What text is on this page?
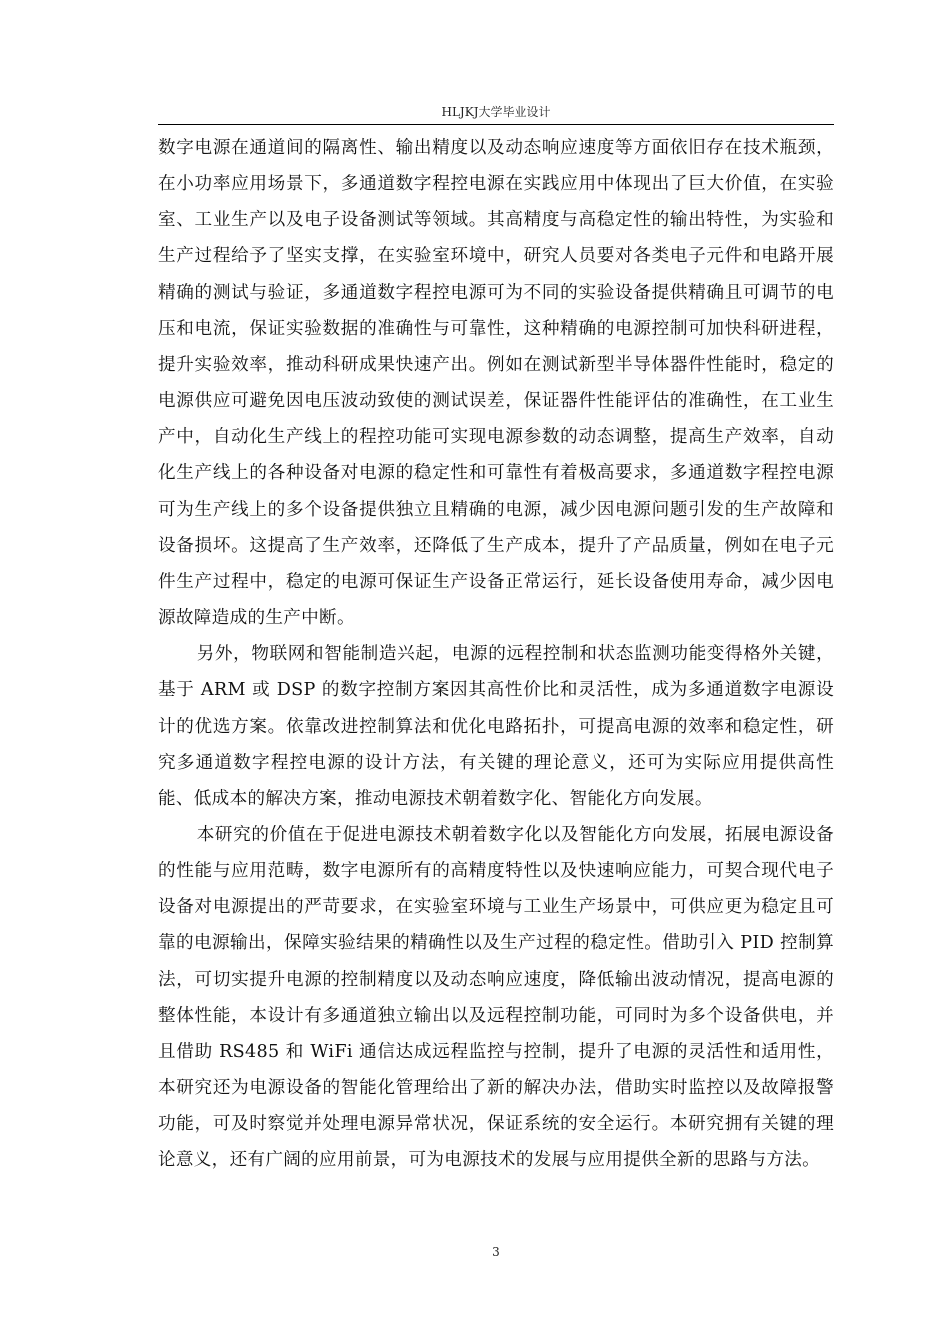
HLJKJ大学毕业设计

数字电源在通道间的隔离性、输出精度以及动态响应速度等方面依旧存在技术瓶颈，在小功率应用场景下，多通道数字程控电源在实践应用中体现出了巨大价值，在实验室、工业生产以及电子设备测试等领域。其高精度与高稳定性的输出特性，为实验和生产过程给予了坚实支撑，在实验室环境中，研究人员要对各类电子元件和电路开展精确的测试与验证，多通道数字程控电源可为不同的实验设备提供精确且可调节的电压和电流，保证实验数据的准确性与可靠性，这种精确的电源控制可加快科研进程，提升实验效率，推动科研成果快速产出。例如在测试新型半导体器件性能时，稳定的电源供应可避免因电压波动致使的测试误差，保证器件性能评估的准确性，在工业生产中，自动化生产线上的程控功能可实现电源参数的动态调整，提高生产效率，自动化生产线上的各种设备对电源的稳定性和可靠性有着极高要求，多通道数字程控电源可为生产线上的多个设备提供独立且精确的电源，减少因电源问题引发的生产故障和设备损坏。这提高了生产效率，还降低了生产成本，提升了产品质量，例如在电子元件生产过程中，稳定的电源可保证生产设备正常运行，延长设备使用寿命，减少因电源故障造成的生产中断。

另外，物联网和智能制造兴起，电源的远程控制和状态监测功能变得格外关键，基于 ARM 或 DSP 的数字控制方案因其高性价比和灵活性，成为多通道数字电源设计的优选方案。依靠改进控制算法和优化电路拓扑，可提高电源的效率和稳定性，研究多通道数字程控电源的设计方法，有关键的理论意义，还可为实际应用提供高性能、低成本的解决方案，推动电源技术朝着数字化、智能化方向发展。

本研究的价值在于促进电源技术朝着数字化以及智能化方向发展，拓展电源设备的性能与应用范畴，数字电源所有的高精度特性以及快速响应能力，可契合现代电子设备对电源提出的严苛要求，在实验室环境与工业生产场景中，可供应更为稳定且可靠的电源输出，保障实验结果的精确性以及生产过程的稳定性。借助引入 PID 控制算法，可切实提升电源的控制精度以及动态响应速度，降低输出波动情况，提高电源的整体性能，本设计有多通道独立输出以及远程控制功能，可同时为多个设备供电，并且借助 RS485 和 WiFi 通信达成远程监控与控制，提升了电源的灵活性和适用性，本研究还为电源设备的智能化管理给出了新的解决办法，借助实时监控以及故障报警功能，可及时察觉并处理电源异常状况，保证系统的安全运行。本研究拥有关键的理论意义，还有广阔的应用前景，可为电源技术的发展与应用提供全新的思路与方法。

3
